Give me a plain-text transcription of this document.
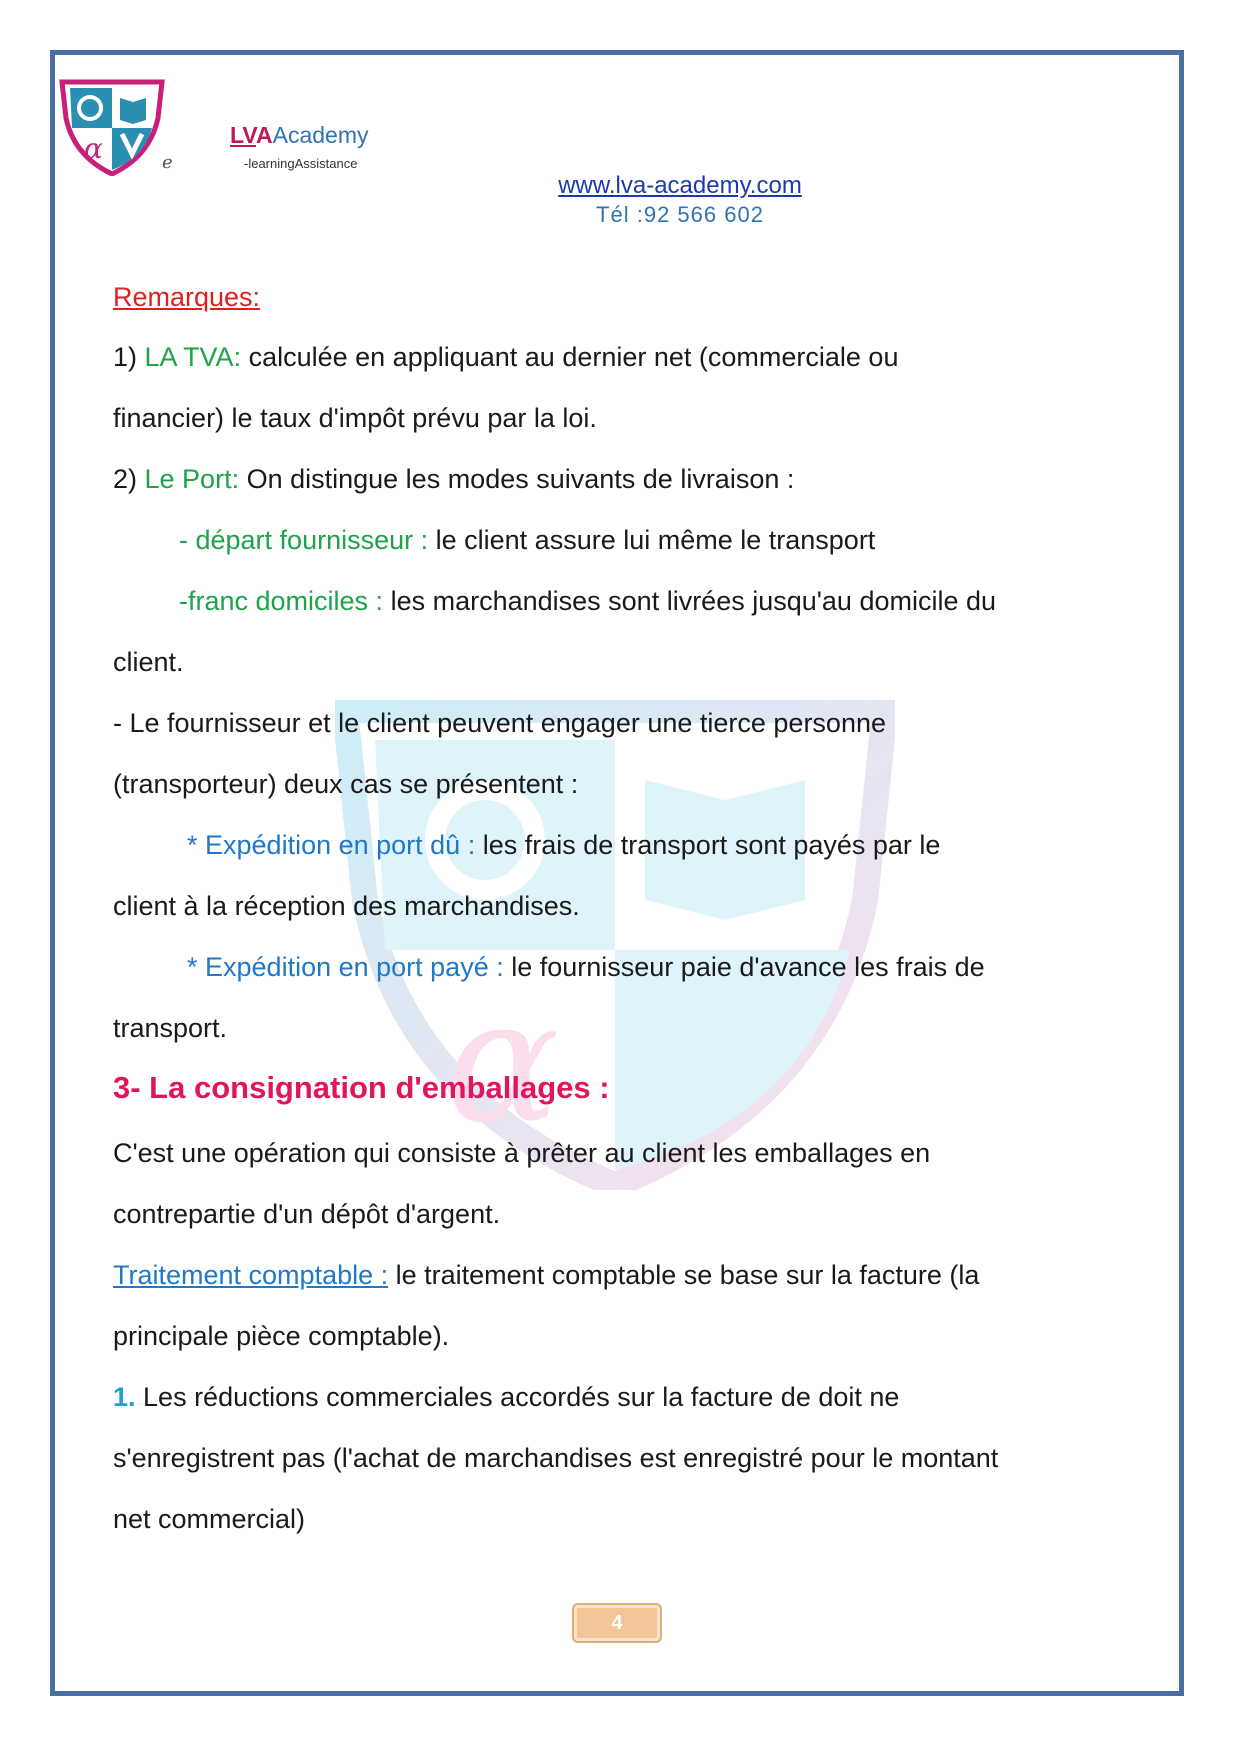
α	e
LVAAcademy
-learningAssistance
www.lva-academy.com
Tél :92 566 602
α
Remarques:
1) LA TVA: calculée en appliquant au dernier net (commerciale ou
financier) le taux d'impôt prévu par la loi.
2) Le Port: On distingue les modes suivants de livraison :
- départ fournisseur : le client assure lui même le transport
-franc domiciles : les marchandises sont livrées jusqu'au domicile du
client.
- Le fournisseur et le client peuvent engager une tierce personne
(transporteur) deux cas se présentent :
* Expédition en port dû : les frais de transport sont payés par le
client à la réception des marchandises.
* Expédition en port payé : le fournisseur paie d'avance les frais de
transport.
3- La consignation d'emballages :
C'est une opération qui consiste à prêter au client les emballages en
contrepartie d'un dépôt d'argent.
Traitement comptable : le traitement comptable se base sur la facture (la
principale pièce comptable).
1. Les réductions commerciales accordés sur la facture de doit ne
s'enregistrent pas (l'achat de marchandises est enregistré pour le montant
net commercial)
4
